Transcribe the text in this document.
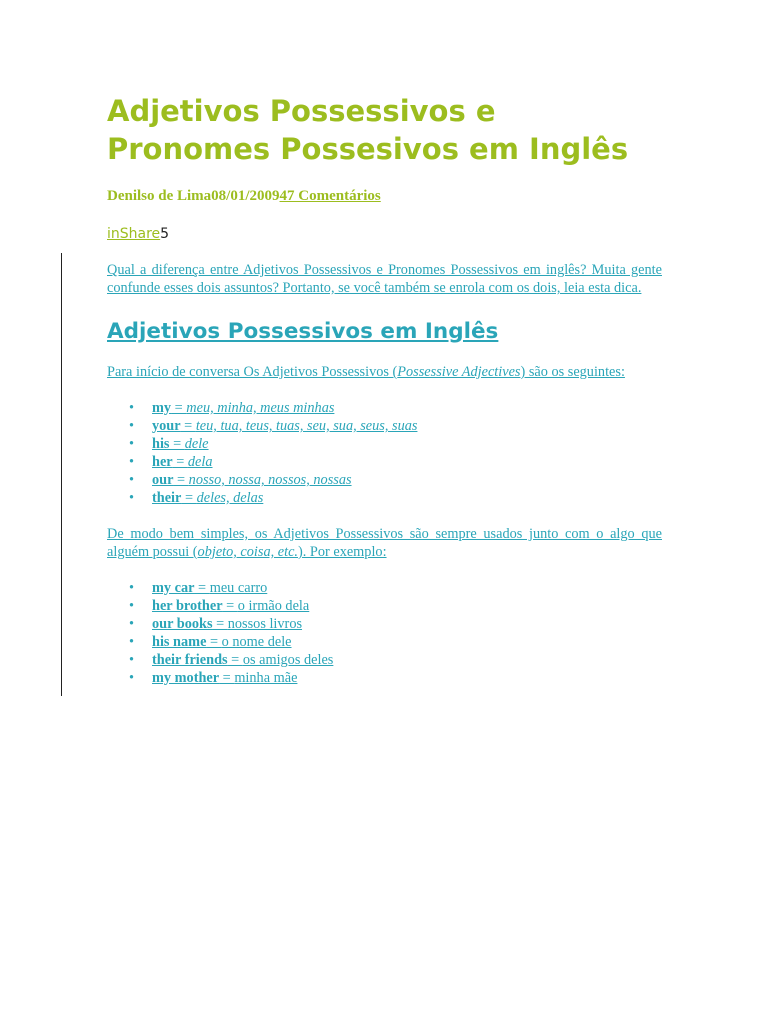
Adjetivos Possessivos e
Pronomes Possesivos em Inglês
Denilso de Lima08/01/200947 Comentários
inShare5

Qual a diferença entre Adjetivos Possessivos e Pronomes Possessivos em inglês? Muita gente confunde esses dois assuntos? Portanto, se você também se enrola com os dois, leia esta dica.

Adjetivos Possessivos em Inglês

Para início de conversa Os Adjetivos Possessivos (Possessive Adjectives) são os seguintes:

• my = meu, minha, meus minhas
• your = teu, tua, teus, tuas, seu, sua, seus, suas
• his = dele
• her = dela
• our = nosso, nossa, nossos, nossas
• their = deles, delas

De modo bem simples, os Adjetivos Possessivos são sempre usados junto com o algo que alguém possui (objeto, coisa, etc.). Por exemplo:

• my car = meu carro
• her brother = o irmão dela
• our books = nossos livros
• his name = o nome dele
• their friends = os amigos deles
• my mother = minha mãe
